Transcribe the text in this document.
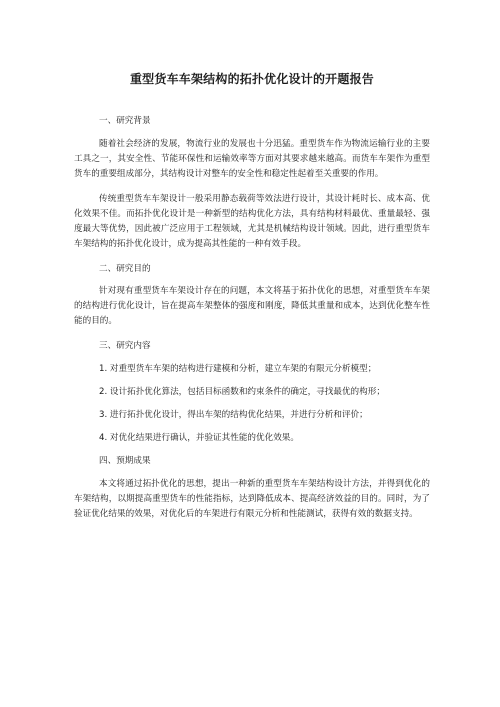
重型货车车架结构的拓扑优化设计的开题报告

一、研究背景

随着社会经济的发展，物流行业的发展也十分迅猛。重型货车作为物流运输行业的主要工具之一，其安全性、节能环保性和运输效率等方面对其要求越来越高。而货车车架作为重型货车的重要组成部分，其结构设计对整车的安全性和稳定性起着至关重要的作用。

传统重型货车车架设计一般采用静态载荷等效法进行设计，其设计耗时长、成本高、优化效果不佳。而拓扑优化设计是一种新型的结构优化方法，具有结构材料最优、重量最轻、强度最大等优势，因此被广泛应用于工程领域，尤其是机械结构设计领域。因此，进行重型货车车架结构的拓扑优化设计，成为提高其性能的一种有效手段。

二、研究目的

针对现有重型货车车架设计存在的问题，本文将基于拓扑优化的思想，对重型货车车架的结构进行优化设计，旨在提高车架整体的强度和刚度，降低其重量和成本，达到优化整车性能的目的。

三、研究内容

1. 对重型货车车架的结构进行建模和分析，建立车架的有限元分析模型；

2. 设计拓扑优化算法，包括目标函数和约束条件的确定，寻找最优的构形；

3. 进行拓扑优化设计，得出车架的结构优化结果，并进行分析和评价；

4. 对优化结果进行确认，并验证其性能的优化效果。

四、预期成果

本文将通过拓扑优化的思想，提出一种新的重型货车车架结构设计方法，并得到优化的车架结构，以期提高重型货车的性能指标，达到降低成本、提高经济效益的目的。同时，为了验证优化结果的效果，对优化后的车架进行有限元分析和性能测试，获得有效的数据支持。
